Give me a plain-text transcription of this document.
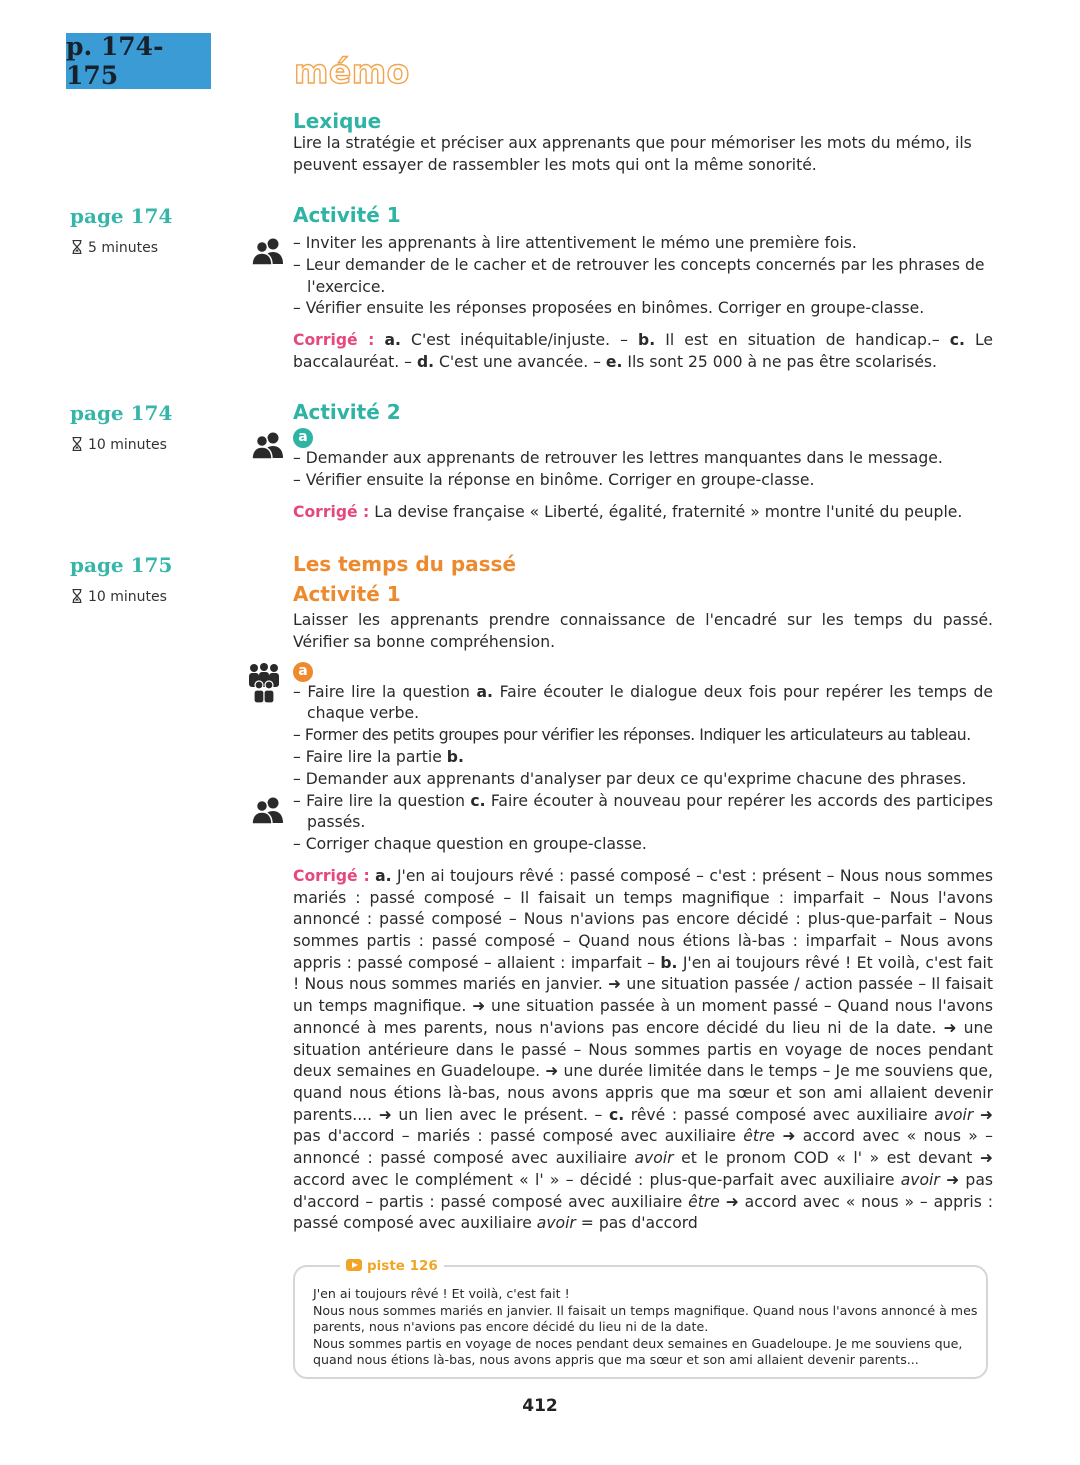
p. 174-175	mémo
Lexique
Lire la stratégie et préciser aux apprenants que pour mémoriser les mots du mémo, ils peuvent essayer de rassembler les mots qui ont la même sonorité.
page 174
5 minutes
Activité 1
– Inviter les apprenants à lire attentivement le mémo une première fois.
– Leur demander de le cacher et de retrouver les concepts concernés par les phrases de l'exercice.
– Vérifier ensuite les réponses proposées en binômes. Corriger en groupe-classe.
Corrigé : a. C'est inéquitable/injuste. – b. Il est en situation de handicap.– c. Le baccalauréat. – d. C'est une avancée. – e. Ils sont 25 000 à ne pas être scolarisés.
page 174
10 minutes
Activité 2
a
– Demander aux apprenants de retrouver les lettres manquantes dans le message.
– Vérifier ensuite la réponse en binôme. Corriger en groupe-classe.
Corrigé : La devise française « Liberté, égalité, fraternité » montre l'unité du peuple.
page 175
10 minutes
Les temps du passé
Activité 1
Laisser les apprenants prendre connaissance de l'encadré sur les temps du passé. Vérifier sa bonne compréhension.
a
– Faire lire la question a. Faire écouter le dialogue deux fois pour repérer les temps de chaque verbe.
– Former des petits groupes pour vérifier les réponses. Indiquer les articulateurs au tableau.
– Faire lire la partie b.
– Demander aux apprenants d'analyser par deux ce qu'exprime chacune des phrases.
– Faire lire la question c. Faire écouter à nouveau pour repérer les accords des participes passés.
– Corriger chaque question en groupe-classe.
Corrigé : a. J'en ai toujours rêvé : passé composé – c'est : présent – Nous nous sommes mariés : passé composé – Il faisait un temps magnifique : imparfait – Nous l'avons annoncé : passé composé – Nous n'avions pas encore décidé : plus-que-parfait – Nous sommes partis : passé composé – Quand nous étions là-bas : imparfait – Nous avons appris : passé composé – allaient : imparfait – b. J'en ai toujours rêvé ! Et voilà, c'est fait ! Nous nous sommes mariés en janvier. ➜ une situation passée / action passée – Il faisait un temps magnifique. ➜ une situation passée à un moment passé – Quand nous l'avons annoncé à mes parents, nous n'avions pas encore décidé du lieu ni de la date. ➜ une situation antérieure dans le passé – Nous sommes partis en voyage de noces pendant deux semaines en Guadeloupe. ➜ une durée limitée dans le temps – Je me souviens que, quand nous étions là-bas, nous avons appris que ma sœur et son ami allaient devenir parents.... ➜ un lien avec le présent. – c. rêvé : passé composé avec auxiliaire avoir ➜ pas d'accord – mariés : passé composé avec auxiliaire être ➜ accord avec « nous » – annoncé : passé composé avec auxiliaire avoir et le pronom COD « l' » est devant ➜ accord avec le complément « l' » – décidé : plus-que-parfait avec auxiliaire avoir ➜ pas d'accord – partis : passé composé avec auxiliaire être ➜ accord avec « nous » – appris : passé composé avec auxiliaire avoir = pas d'accord
piste 126
J'en ai toujours rêvé ! Et voilà, c'est fait !
Nous nous sommes mariés en janvier. Il faisait un temps magnifique. Quand nous l'avons annoncé à mes parents, nous n'avions pas encore décidé du lieu ni de la date.
Nous sommes partis en voyage de noces pendant deux semaines en Guadeloupe. Je me souviens que, quand nous étions là-bas, nous avons appris que ma sœur et son ami allaient devenir parents...
412
